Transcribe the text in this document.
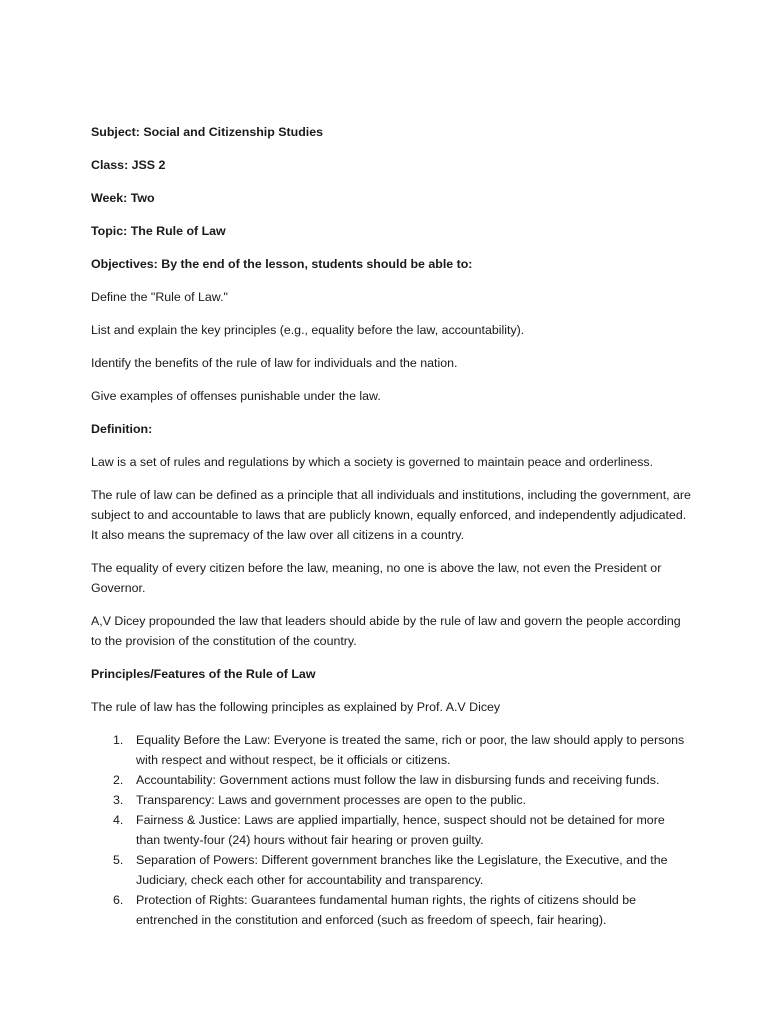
Subject: Social and Citizenship Studies
Class: JSS 2
Week: Two
Topic: The Rule of Law
Objectives: By the end of the lesson, students should be able to:
Define the "Rule of Law."
List and explain the key principles (e.g., equality before the law, accountability).
Identify the benefits of the rule of law for individuals and the nation.
Give examples of offenses punishable under the law.
Definition:
Law is a set of rules and regulations by which a society is governed to maintain peace and orderliness.
The rule of law can be defined as a principle that all individuals and institutions, including the government, are subject to and accountable to laws that are publicly known, equally enforced, and independently adjudicated. It also means the supremacy of the law over all citizens in a country.
The equality of every citizen before the law, meaning, no one is above the law, not even the President or Governor.
A,V Dicey propounded the law that leaders should abide by the rule of law and govern the people according to the provision of the constitution of the country.
Principles/Features of the Rule of Law
The rule of law has the following principles as explained by Prof. A.V Dicey
1. Equality Before the Law: Everyone is treated the same, rich or poor, the law should apply to persons with respect and without respect, be it officials or citizens.
2. Accountability: Government actions must follow the law in disbursing funds and receiving funds.
3. Transparency: Laws and government processes are open to the public.
4. Fairness & Justice: Laws are applied impartially, hence, suspect should not be detained for more than twenty-four (24) hours without fair hearing or proven guilty.
5. Separation of Powers: Different government branches like the Legislature, the Executive, and the Judiciary, check each other for accountability and transparency.
6. Protection of Rights: Guarantees fundamental human rights, the rights of citizens should be entrenched in the constitution and enforced (such as freedom of speech, fair hearing).
